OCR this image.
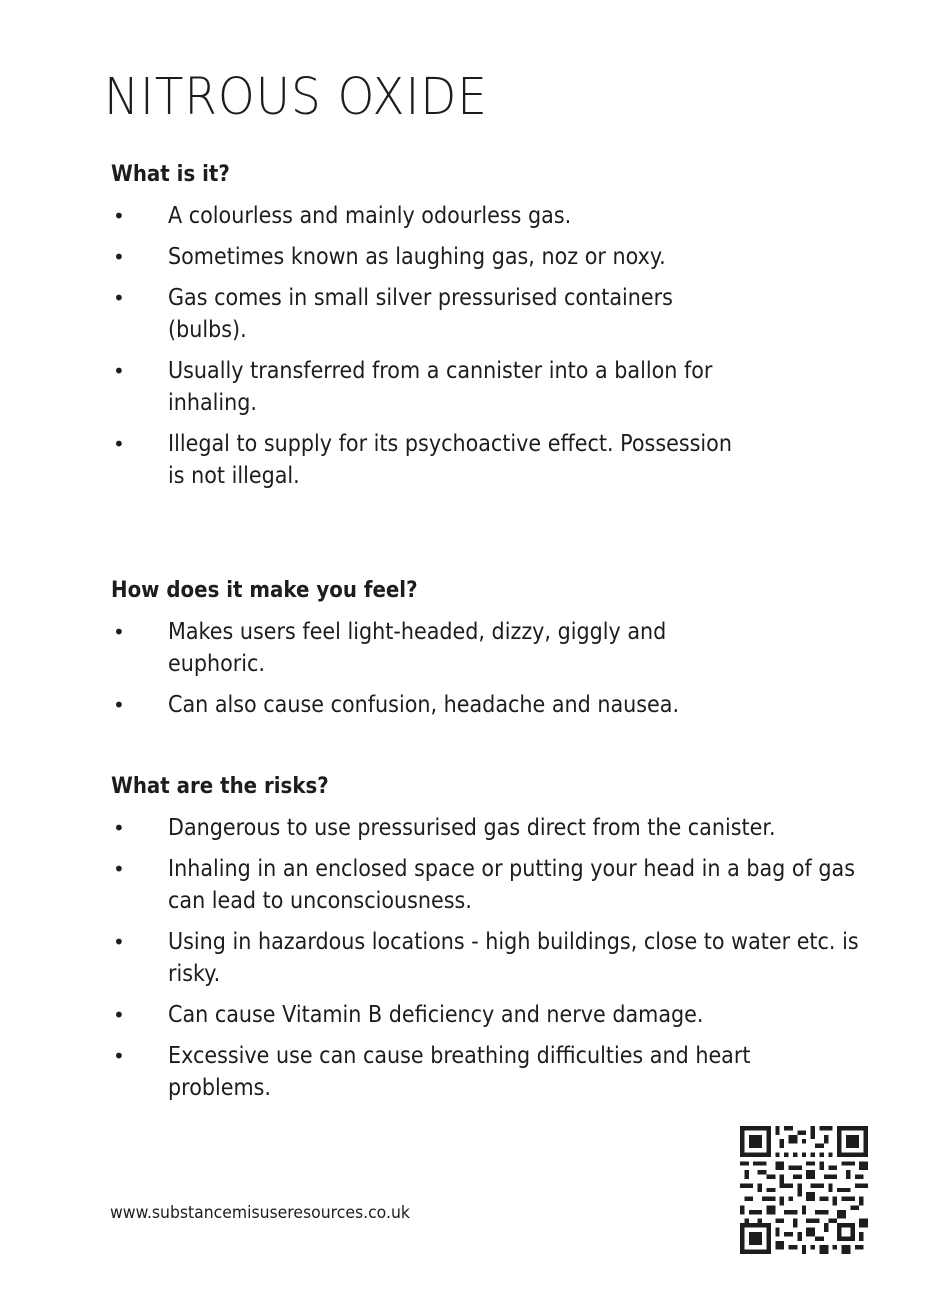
NITROUS OXIDE
What is it?
• A colourless and mainly odourless gas.
• Sometimes known as laughing gas, noz or noxy.
• Gas comes in small silver pressurised containers (bulbs).
• Usually transferred from a cannister into a ballon for inhaling.
• Illegal to supply for its psychoactive effect. Possession is not illegal.
How does it make you feel?
• Makes users feel light-headed, dizzy, giggly and euphoric.
• Can also cause confusion, headache and nausea.
What are the risks?
• Dangerous to use pressurised gas direct from the canister.
• Inhaling in an enclosed space or putting your head in a bag of gas can lead to unconsciousness.
• Using in hazardous locations - high buildings, close to water etc. is risky.
• Can cause Vitamin B deficiency and nerve damage.
• Excessive use can cause breathing difficulties and heart problems.
www.substancemisuseresources.co.uk
